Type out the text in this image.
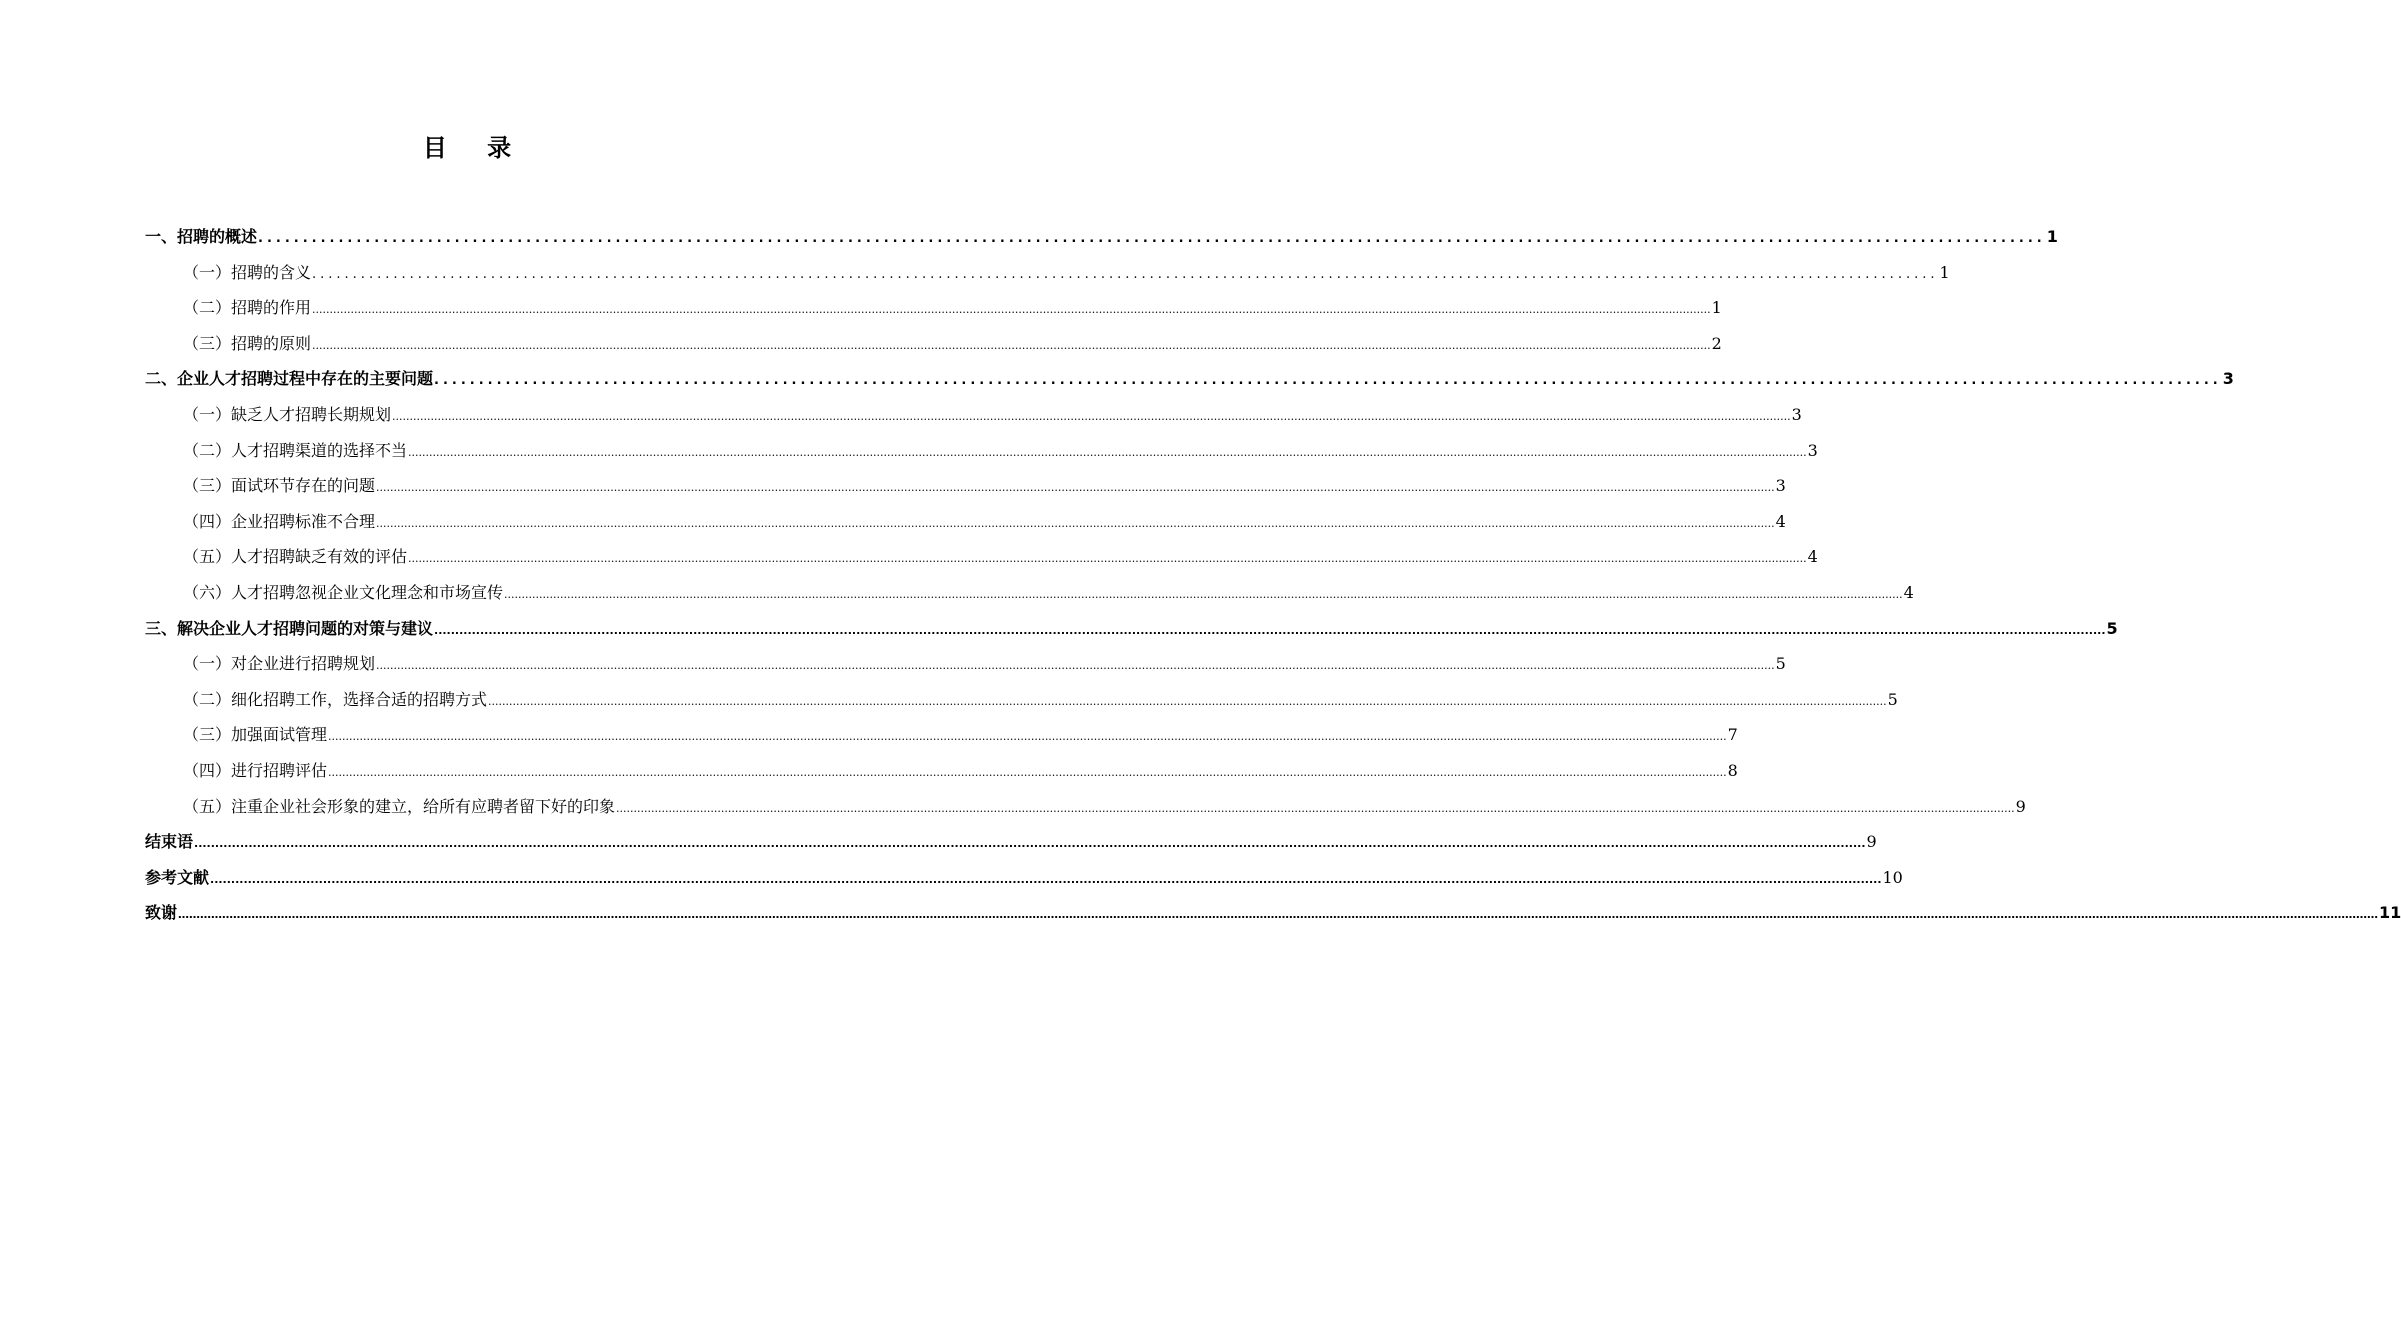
目 录
一、招聘的概述 ........................................................................................................................................................................................................ 1
（一）招聘的含义 ........................................................................................................................................................................................................ 1
（二）招聘的作用 ................................................................................................................................................................................................................................................................................................................................................................................................................ 1
（三）招聘的原则 ................................................................................................................................................................................................................................................................................................................................................................................................................ 2
二、企业人才招聘过程中存在的主要问题 ........................................................................................................................................................................................................ 3
（一）缺乏人才招聘长期规划 ................................................................................................................................................................................................................................................................................................................................................................................................................ 3
（二）人才招聘渠道的选择不当 ................................................................................................................................................................................................................................................................................................................................................................................................................ 3
（三）面试环节存在的问题 ................................................................................................................................................................................................................................................................................................................................................................................................................ 3
（四）企业招聘标准不合理 ................................................................................................................................................................................................................................................................................................................................................................................................................ 4
（五）人才招聘缺乏有效的评估 ................................................................................................................................................................................................................................................................................................................................................................................................................ 4
（六）人才招聘忽视企业文化理念和市场宣传 ................................................................................................................................................................................................................................................................................................................................................................................................................ 4
三、解决企业人才招聘问题的对策与建议 ................................................................................................................................................................................................................................................................................................................................................................................................................ 5
（一）对企业进行招聘规划 ................................................................................................................................................................................................................................................................................................................................................................................................................ 5
（二）细化招聘工作，选择合适的招聘方式 ................................................................................................................................................................................................................................................................................................................................................................................................................ 5
（三）加强面试管理 ................................................................................................................................................................................................................................................................................................................................................................................................................ 7
（四）进行招聘评估 ................................................................................................................................................................................................................................................................................................................................................................................................................ 8
（五）注重企业社会形象的建立，给所有应聘者留下好的印象 ................................................................................................................................................................................................................................................................................................................................................................................................................ 9
结束语 ................................................................................................................................................................................................................................................................................................................................................................................................................ 9
参考文献 ................................................................................................................................................................................................................................................................................................................................................................................................................ 10
致谢 …………………………………………………………………………………………………………………………………………………………………………………………………………………………………………………………………………………………………………………………………………………………………………………………………………………………………………………………………………………………………………………………………………………… 11
